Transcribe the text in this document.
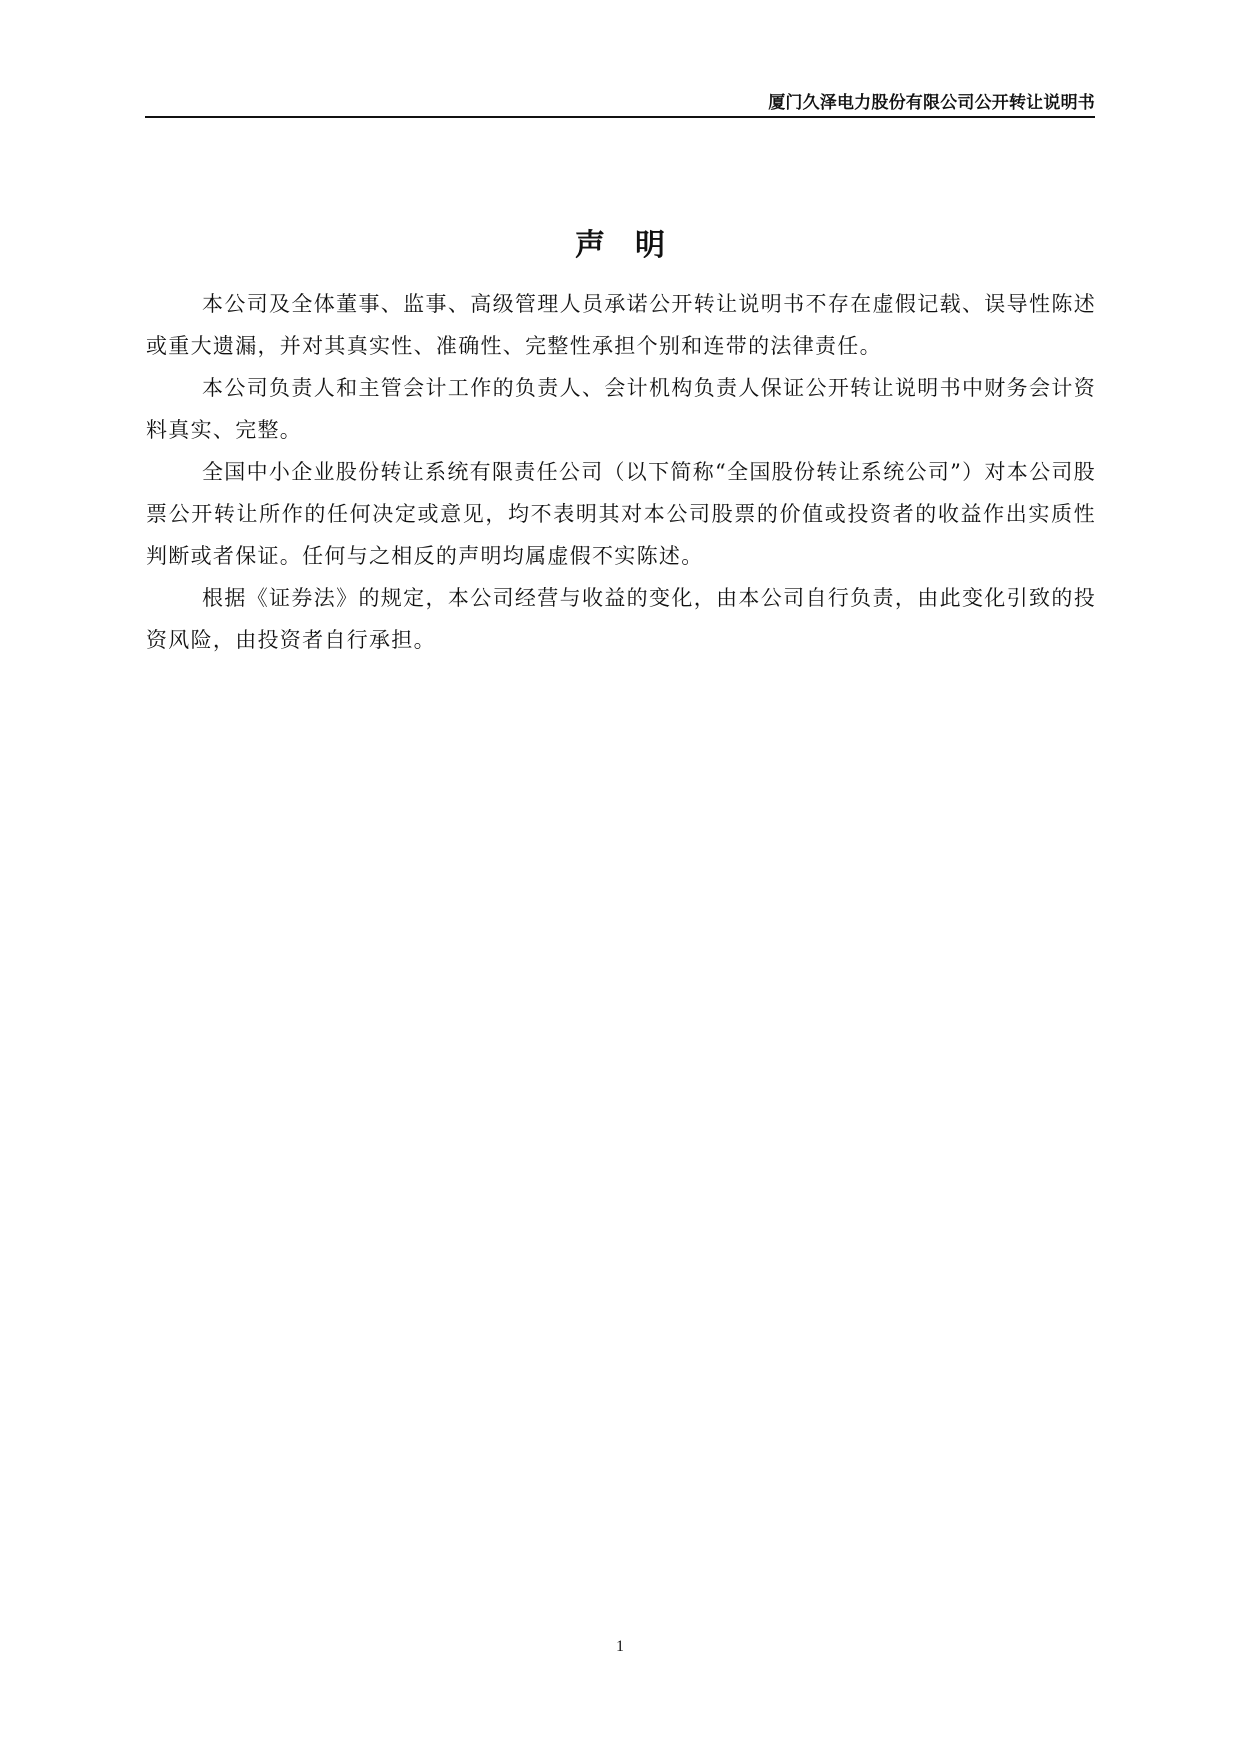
厦门久泽电力股份有限公司公开转让说明书
声明

本公司及全体董事、监事、高级管理人员承诺公开转让说明书不存在虚假记载、误导性陈述或重大遗漏，并对其真实性、准确性、完整性承担个别和连带的法律责任。

本公司负责人和主管会计工作的负责人、会计机构负责人保证公开转让说明书中财务会计资料真实、完整。

全国中小企业股份转让系统有限责任公司（以下简称“全国股份转让系统公司”）对本公司股票公开转让所作的任何决定或意见，均不表明其对本公司股票的价值或投资者的收益作出实质性判断或者保证。任何与之相反的声明均属虚假不实陈述。

根据《证券法》的规定，本公司经营与收益的变化，由本公司自行负责，由此变化引致的投资风险，由投资者自行承担。

1
